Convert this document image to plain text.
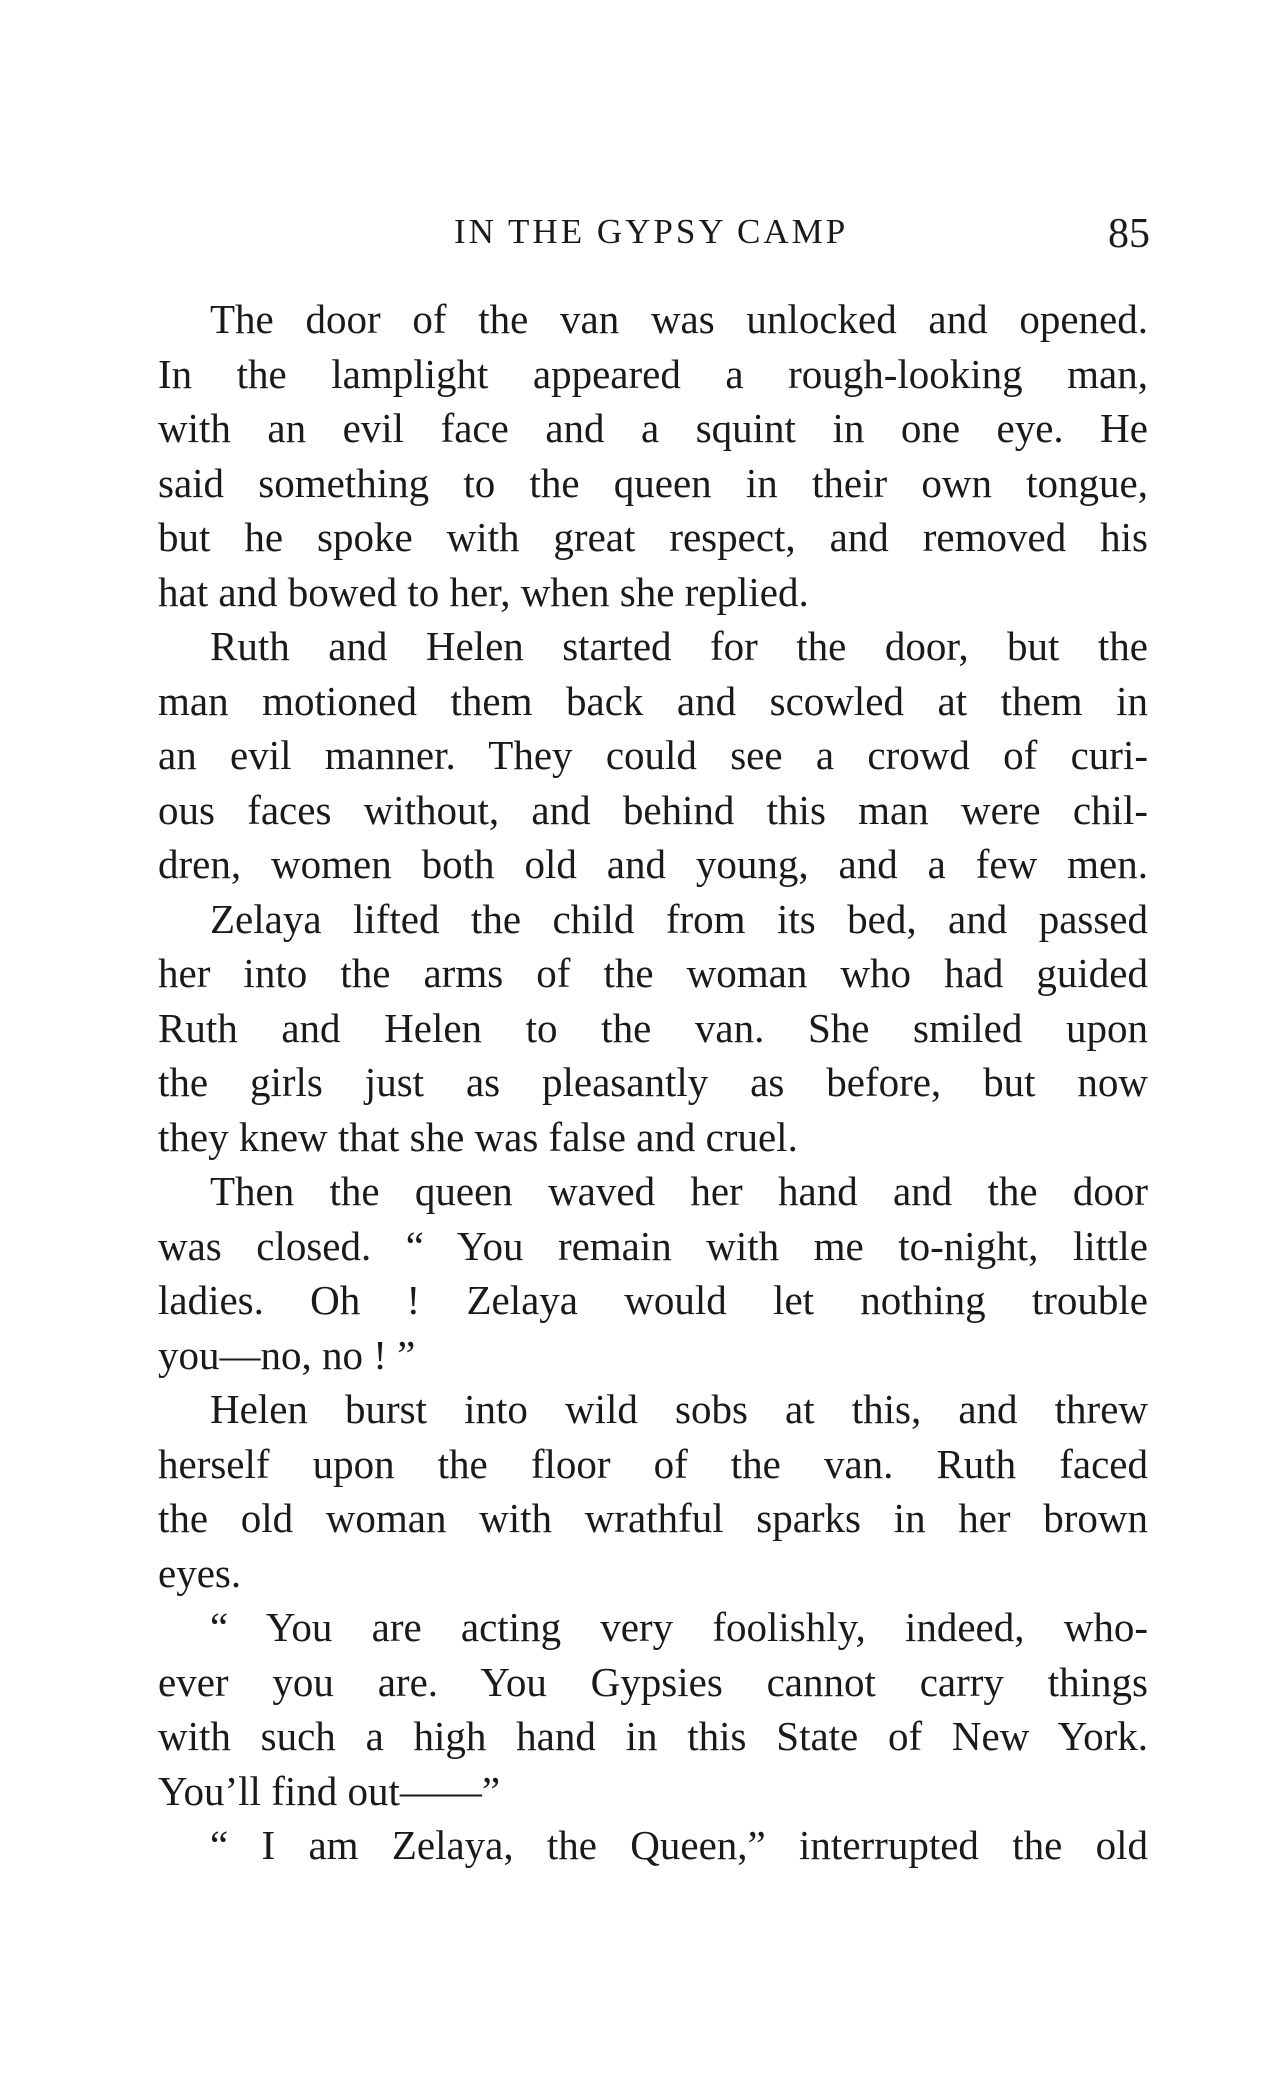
IN THE GYPSY CAMP	85
The door of the van was unlocked and opened.
In the lamplight appeared a rough-looking man,
with an evil face and a squint in one eye. He
said something to the queen in their own tongue,
but he spoke with great respect, and removed his
hat and bowed to her, when she replied.
Ruth and Helen started for the door, but the
man motioned them back and scowled at them in
an evil manner. They could see a crowd of curi-
ous faces without, and behind this man were chil-
dren, women both old and young, and a few men.
Zelaya lifted the child from its bed, and passed
her into the arms of the woman who had guided
Ruth and Helen to the van. She smiled upon
the girls just as pleasantly as before, but now
they knew that she was false and cruel.
Then the queen waved her hand and the door
was closed. “ You remain with me to-night, little
ladies. Oh ! Zelaya would let nothing trouble
you—no, no ! ”
Helen burst into wild sobs at this, and threw
herself upon the floor of the van. Ruth faced
the old woman with wrathful sparks in her brown
eyes.
“ You are acting very foolishly, indeed, who-
ever you are. You Gypsies cannot carry things
with such a high hand in this State of New York.
You’ll find out——”
“ I am Zelaya, the Queen,” interrupted the old
